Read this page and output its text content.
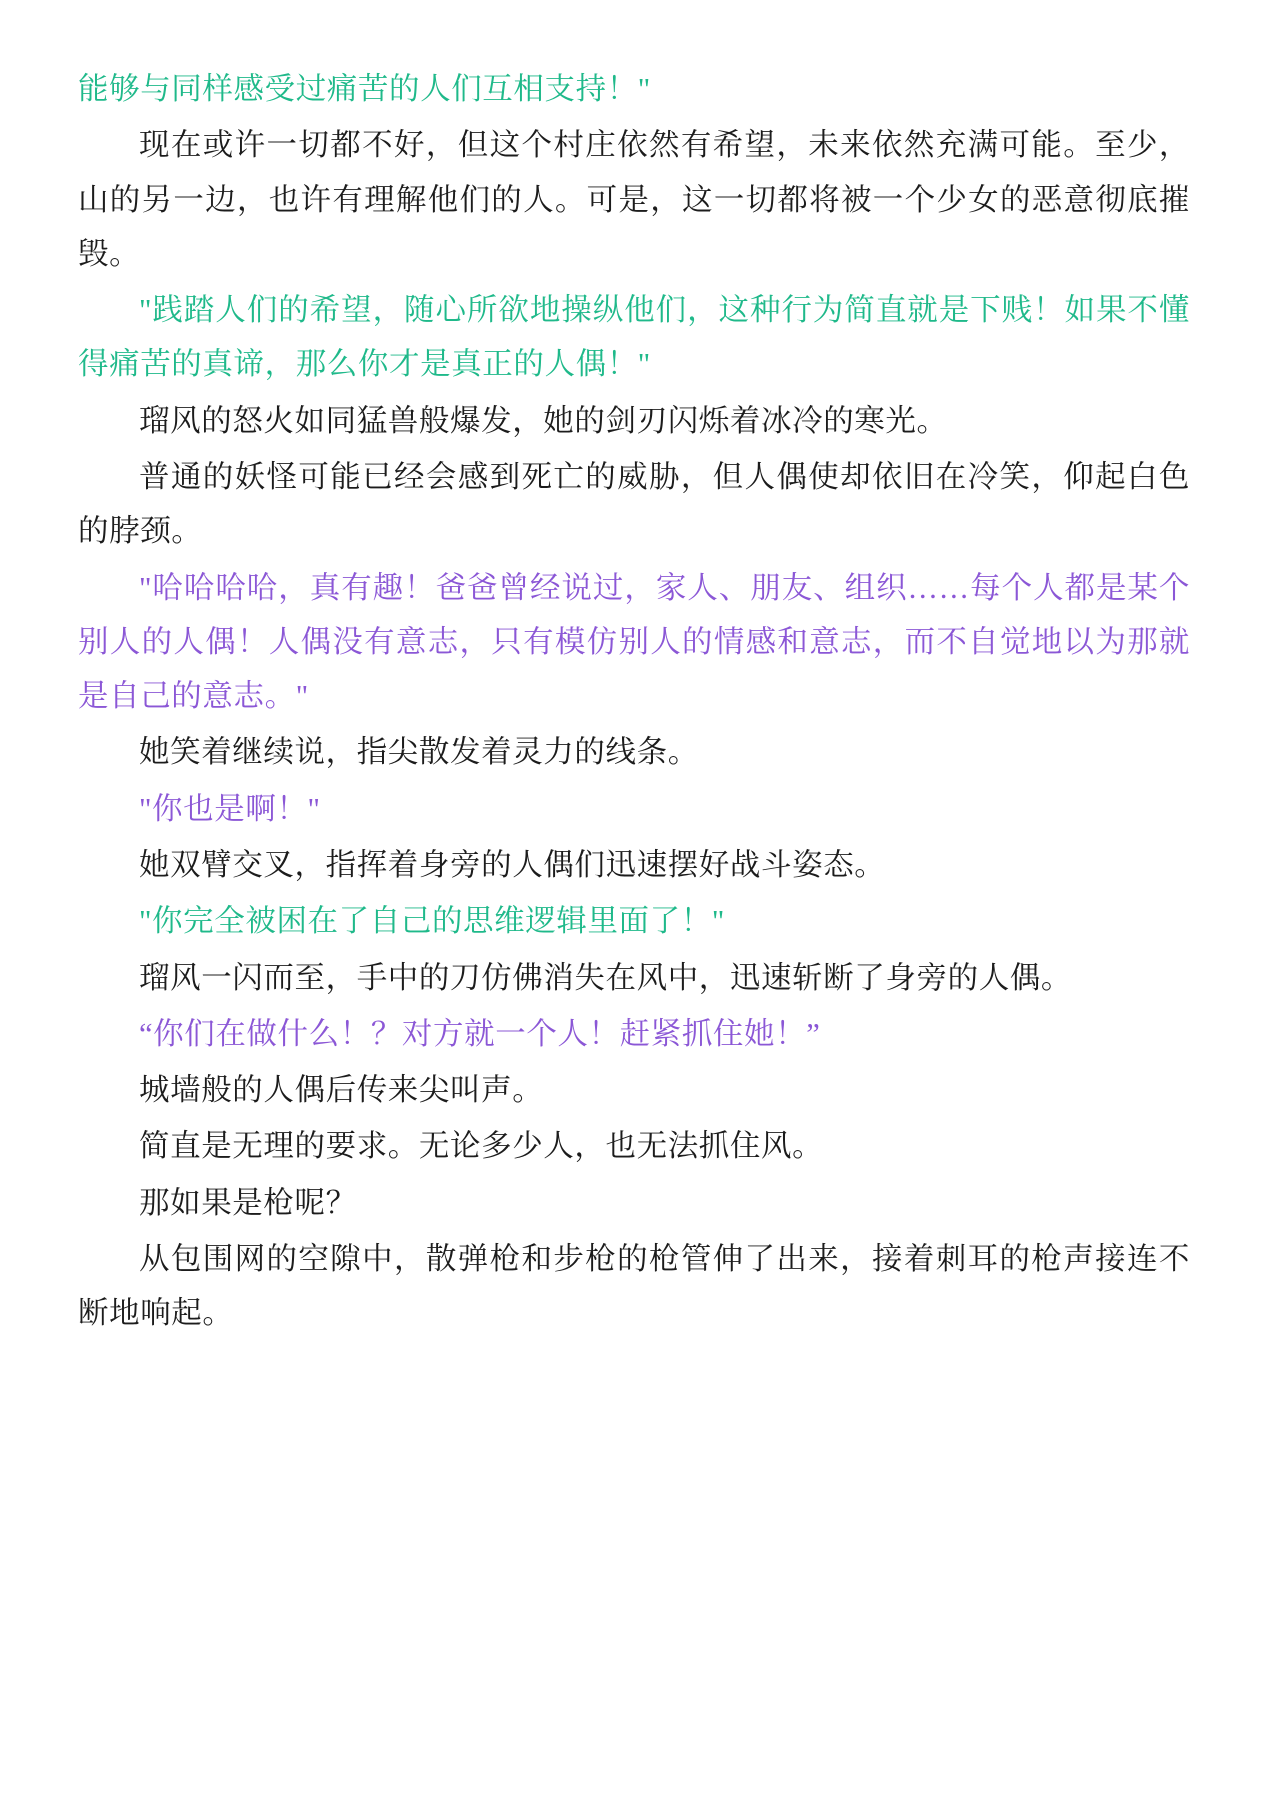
能够与同样感受过痛苦的人们互相支持！"

现在或许一切都不好，但这个村庄依然有希望，未来依然充满可能。至少，山的另一边，也许有理解他们的人。可是，这一切都将被一个少女的恶意彻底摧毁。

"践踏人们的希望，随心所欲地操纵他们，这种行为简直就是下贱！如果不懂得痛苦的真谛，那么你才是真正的人偶！"

瑠风的怒火如同猛兽般爆发，她的剑刃闪烁着冰冷的寒光。

普通的妖怪可能已经会感到死亡的威胁，但人偶使却依旧在冷笑，仰起白色的脖颈。

"哈哈哈哈，真有趣！爸爸曾经说过，家人、朋友、组织……每个人都是某个别人的人偶！人偶没有意志，只有模仿别人的情感和意志，而不自觉地以为那就是自己的意志。"

她笑着继续说，指尖散发着灵力的线条。

"你也是啊！"

她双臂交叉，指挥着身旁的人偶们迅速摆好战斗姿态。

"你完全被困在了自己的思维逻辑里面了！"

瑠风一闪而至，手中的刀仿佛消失在风中，迅速斩断了身旁的人偶。

“你们在做什么！？对方就一个人！赶紧抓住她！”

城墙般的人偶后传来尖叫声。

简直是无理的要求。无论多少人，也无法抓住风。

那如果是枪呢？

从包围网的空隙中，散弹枪和步枪的枪管伸了出来，接着刺耳的枪声接连不断地响起。
